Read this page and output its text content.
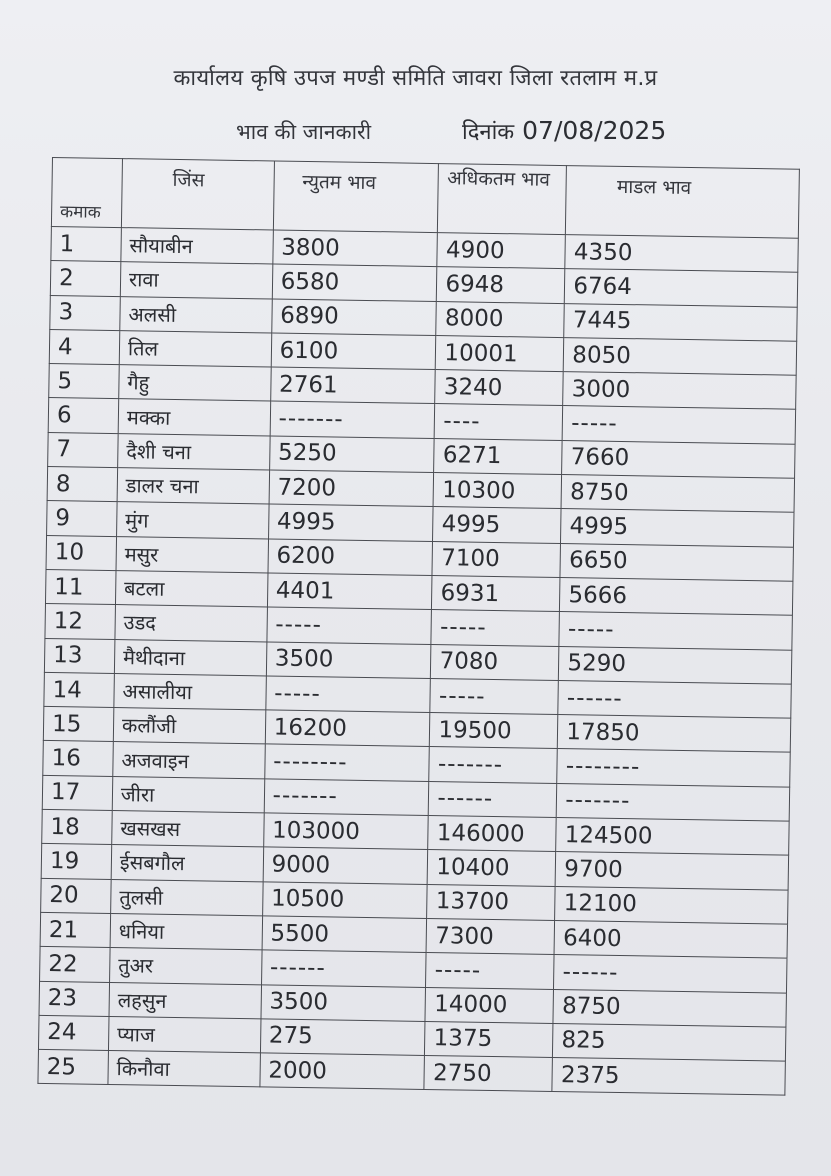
कार्यालय कृषि उपज मण्डी समिति जावरा जिला रतलाम म.प्र
भाव की जानकारी	दिनांक 07/08/2025
कमाक	जिंस	न्युतम भाव	अधिकतम भाव	माडल भाव
1	सौयाबीन	3800	4900	4350
2	रावा	6580	6948	6764
3	अलसी	6890	8000	7445
4	तिल	6100	10001	8050
5	गैहु	2761	3240	3000
6	मक्का	-------	----	-----
7	दैशी चना	5250	6271	7660
8	डालर चना	7200	10300	8750
9	मुंग	4995	4995	4995
10	मसुर	6200	7100	6650
11	बटला	4401	6931	5666
12	उडद	-----	-----	-----
13	मैथीदाना	3500	7080	5290
14	असालीया	-----	-----	------
15	कलौंजी	16200	19500	17850
16	अजवाइन	--------	-------	--------
17	जीरा	-------	------	-------
18	खसखस	103000	146000	124500
19	ईसबगौल	9000	10400	9700
20	तुलसी	10500	13700	12100
21	धनिया	5500	7300	6400
22	तुअर	------	-----	------
23	लहसुन	3500	14000	8750
24	प्याज	275	1375	825
25	किनौवा	2000	2750	2375
